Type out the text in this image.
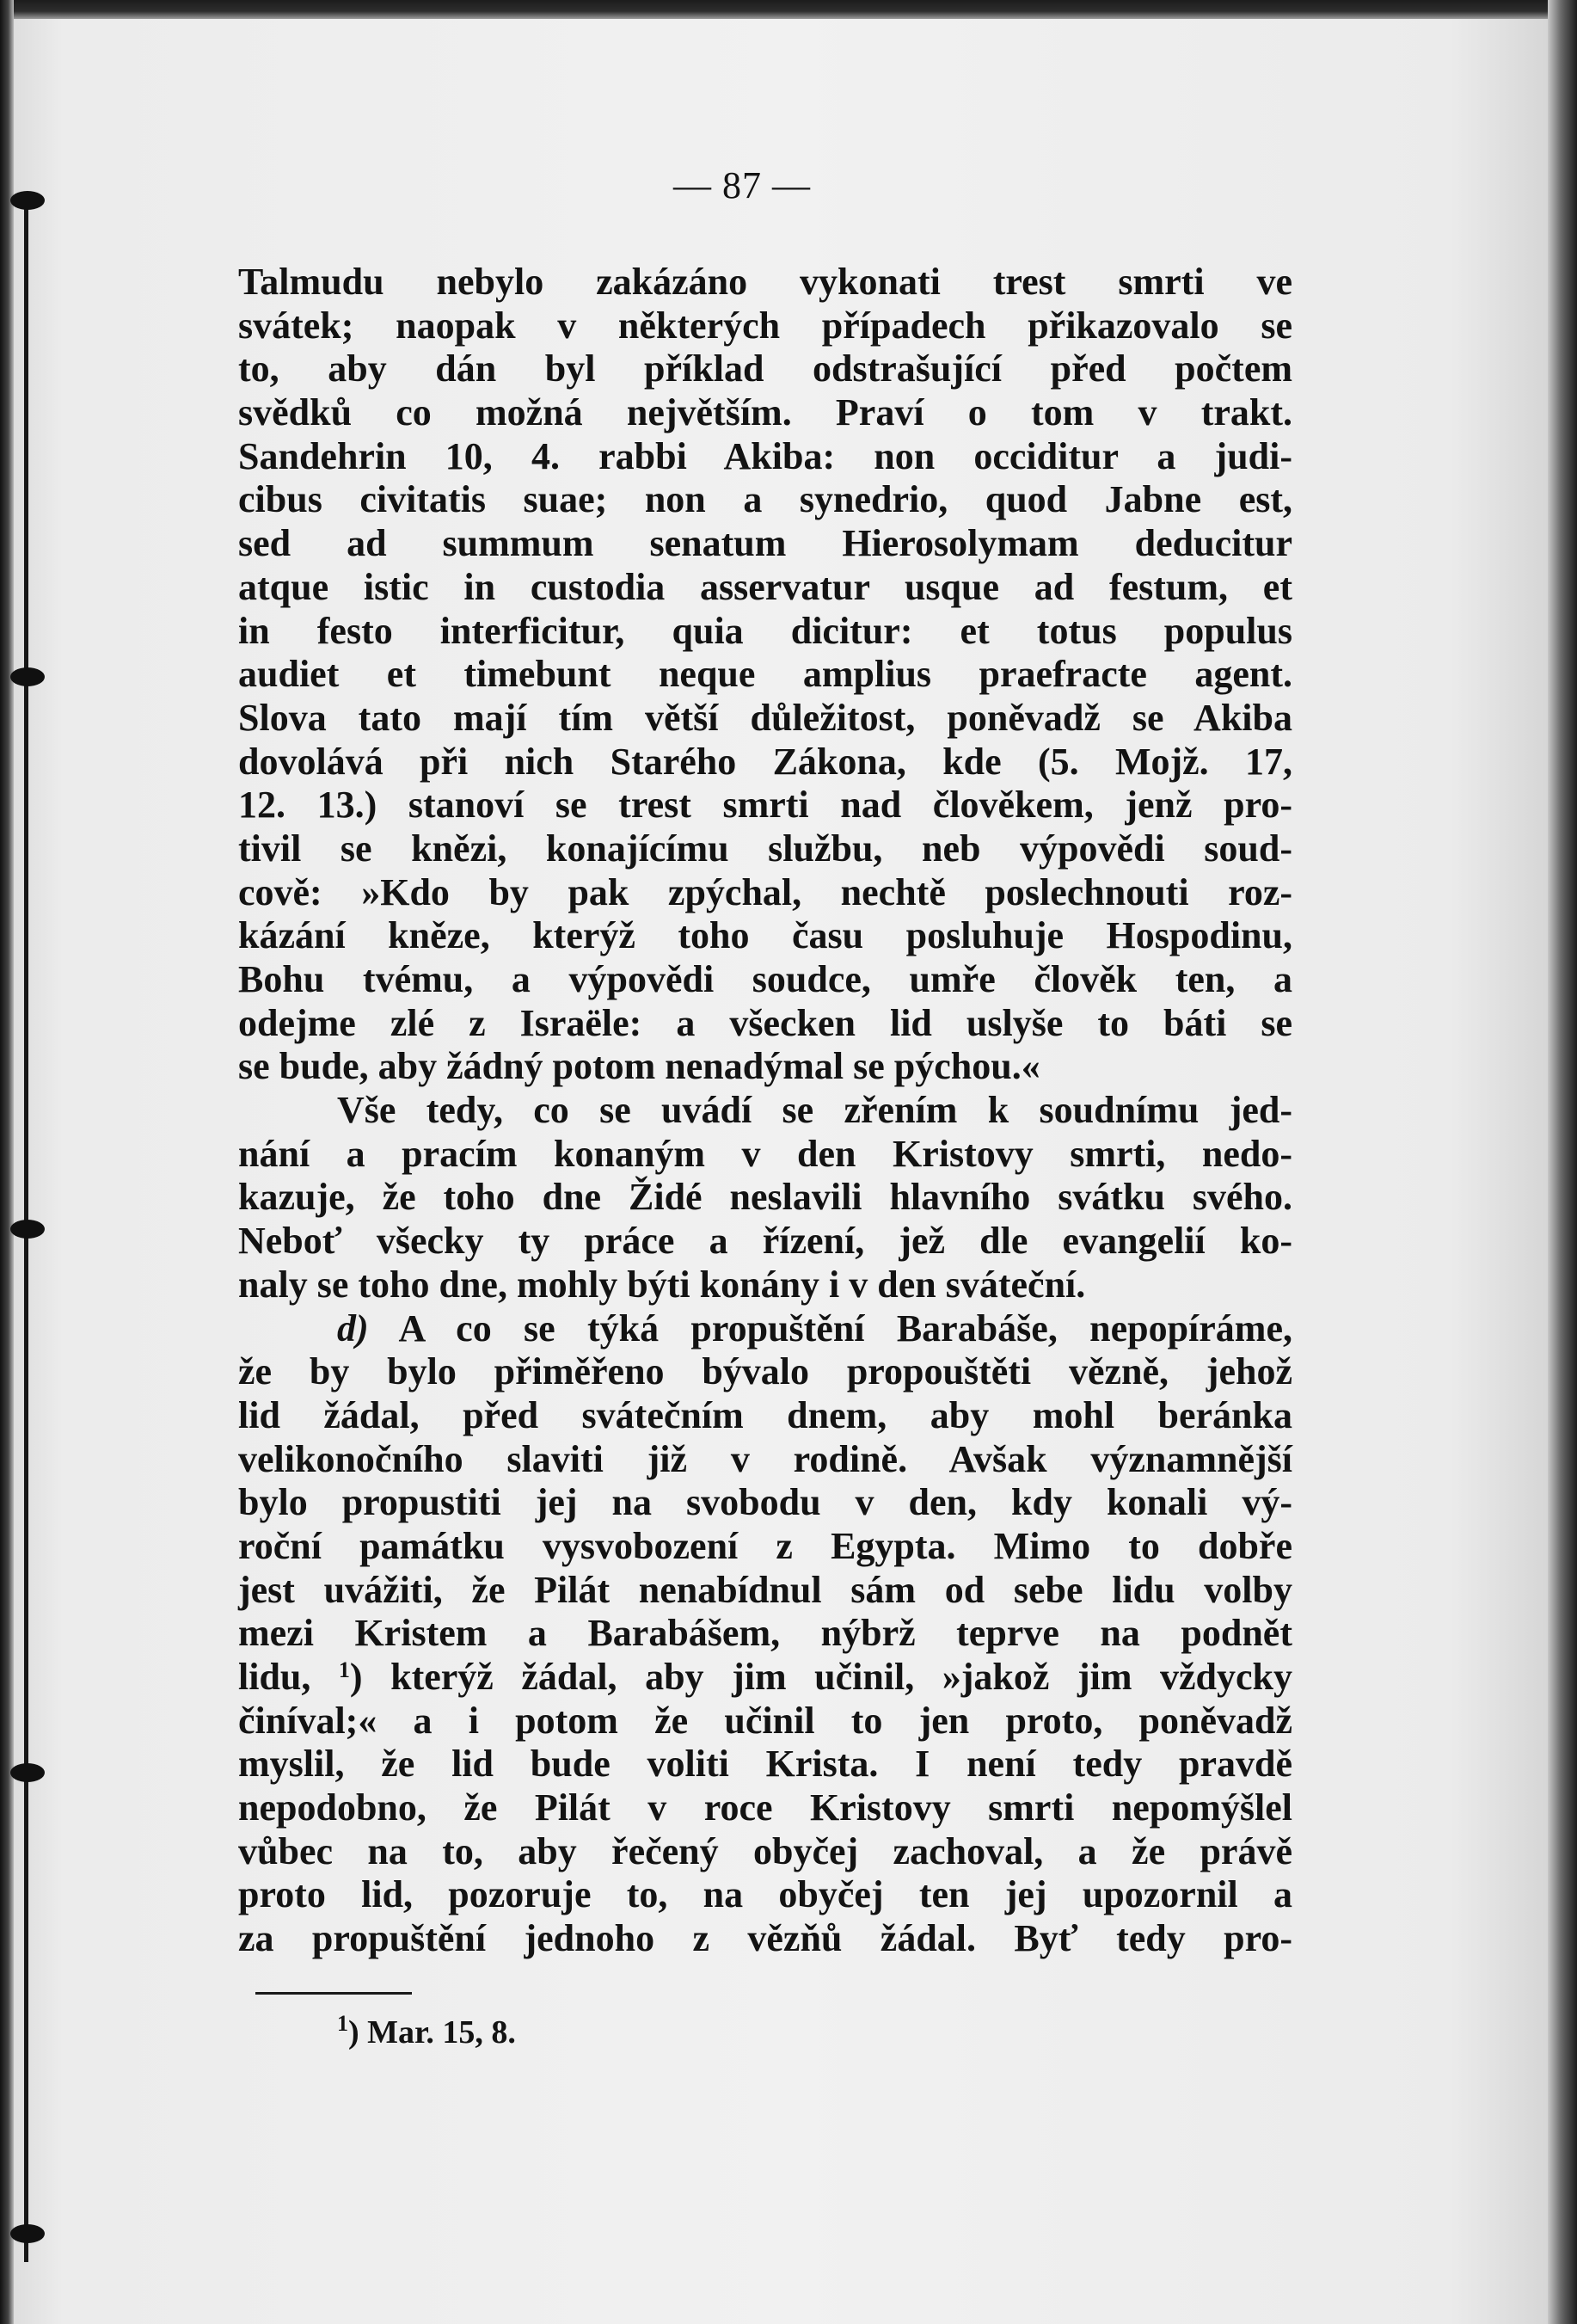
— 87 —
Talmudu nebylo zakázáno vykonati trest smrti ve
svátek; naopak v některých případech přikazovalo se
to, aby dán byl příklad odstrašující před počtem
svědků co možná největším. Praví o tom v trakt.
Sandehrin 10, 4. rabbi Akiba: non occiditur a judi-
cibus civitatis suae; non a synedrio, quod Jabne est,
sed ad summum senatum Hierosolymam deducitur
atque istic in custodia asservatur usque ad festum, et
in festo interficitur, quia dicitur: et totus populus
audiet et timebunt neque amplius praefracte agent.
Slova tato mají tím větší důležitost, poněvadž se Akiba
dovolává při nich Starého Zákona, kde (5. Mojž. 17,
12. 13.) stanoví se trest smrti nad člověkem, jenž pro-
tivil se knězi, konajícímu službu, neb výpovědi soud-
cově: »Kdo by pak zpýchal, nechtě poslechnouti roz-
kázání kněze, kterýž toho času posluhuje Hospodinu,
Bohu tvému, a výpovědi soudce, umře člověk ten, a
odejme zlé z Israële: a všecken lid uslyše to báti se
se bude, aby žádný potom nenadýmal se pýchou.«
Vše tedy, co se uvádí se zřením k soudnímu jed-
nání a pracím konaným v den Kristovy smrti, nedo-
kazuje, že toho dne Židé neslavili hlavního svátku svého.
Neboť všecky ty práce a řízení, jež dle evangelií ko-
naly se toho dne, mohly býti konány i v den sváteční.
d) A co se týká propuštění Barabáše, nepopíráme,
že by bylo přiměřeno bývalo propouštěti vězně, jehož
lid žádal, před svátečním dnem, aby mohl beránka
velikonočního slaviti již v rodině. Avšak významnější
bylo propustiti jej na svobodu v den, kdy konali vý-
roční památku vysvobození z Egypta. Mimo to dobře
jest uvážiti, že Pilát nenabídnul sám od sebe lidu volby
mezi Kristem a Barabášem, nýbrž teprve na podnět
lidu, $^1$) kterýž žádal, aby jim učinil, »jakož jim vždycky
činíval;« a i potom že učinil to jen proto, poněvadž
myslil, že lid bude voliti Krista. I není tedy pravdě
nepodobno, že Pilát v roce Kristovy smrti nepomýšlel
vůbec na to, aby řečený obyčej zachoval, a že právě
proto lid, pozoruje to, na obyčej ten jej upozornil a
za propuštění jednoho z vězňů žádal. Byť tedy pro-
$^1$) Mar. 15, 8.
